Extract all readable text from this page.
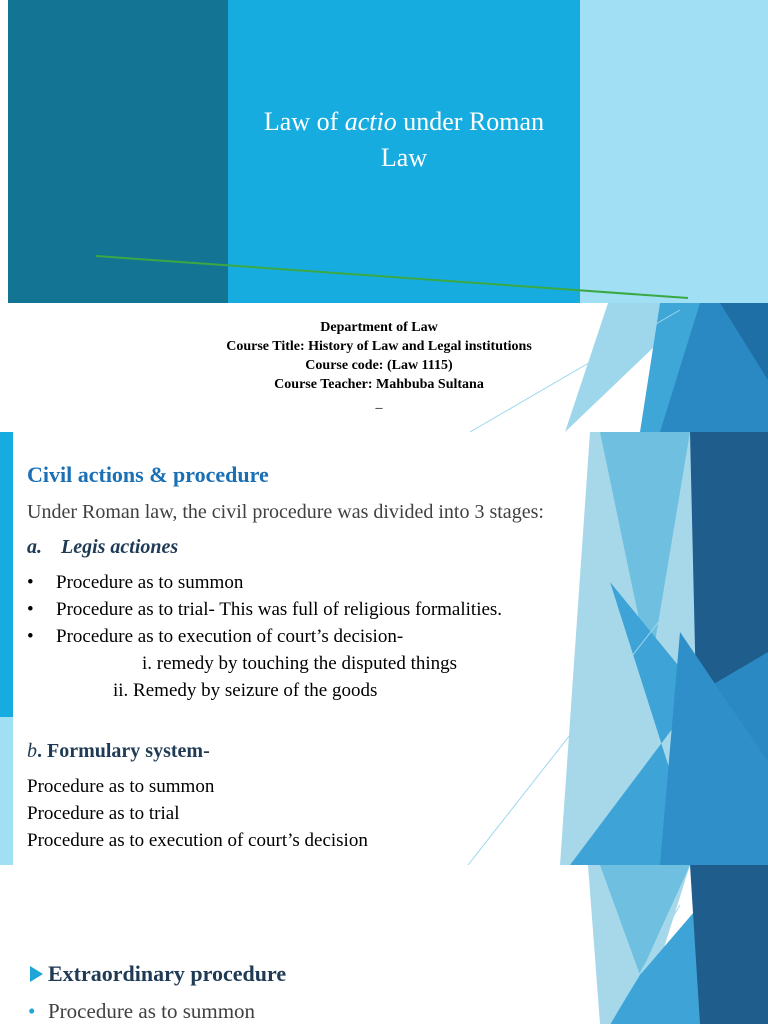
Law of actio under Roman
Law
Department of Law
Course Title: History of Law and Legal institutions
Course code: (Law 1115)
Course Teacher: Mahbuba Sultana
_

Civil actions & procedure

Under Roman law, the civil procedure was divided into 3 stages:

a. Legis actiones
• Procedure as to summon
• Procedure as to trial- This was full of religious formalities.
• Procedure as to execution of court’s decision-
i. remedy by touching the disputed things
ii. Remedy by seizure of the goods
b. Formulary system-
Procedure as to summon
Procedure as to trial
Procedure as to execution of court’s decision
Extraordinary procedure
• Procedure as to summon
